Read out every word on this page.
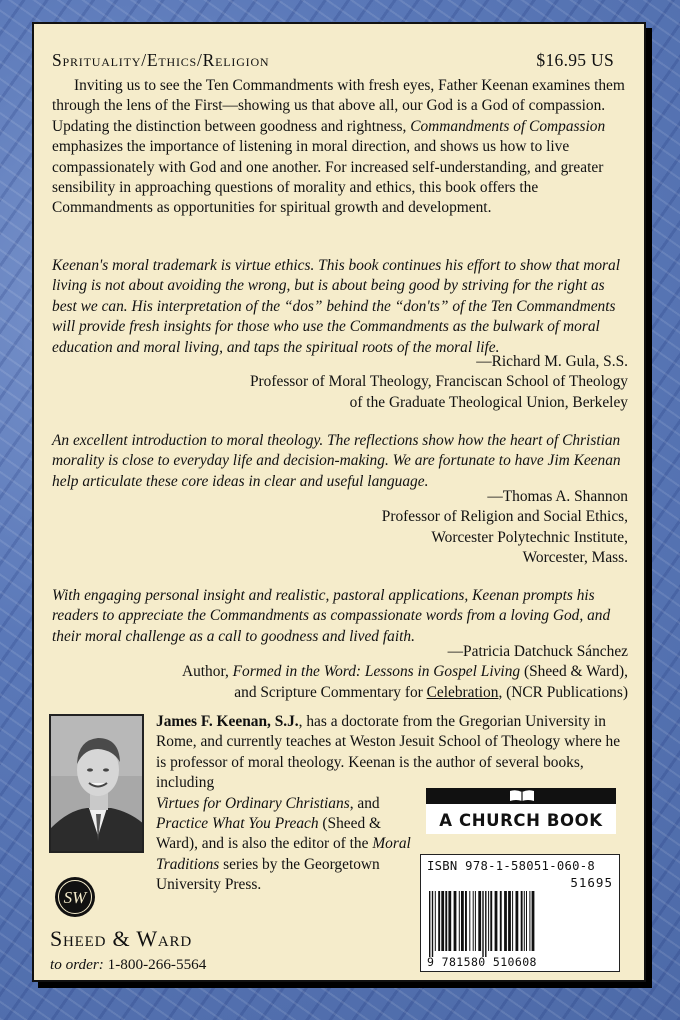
Sprituality/Ethics/Religion	$16.95 US

Inviting us to see the Ten Commandments with fresh eyes, Father Keenan examines them through the lens of the First—showing us that above all, our God is a God of compassion. Updating the distinction between goodness and rightness, Commandments of Compassion emphasizes the importance of listening in moral direction, and shows us how to live compassionately with God and one another. For increased self-understanding, and greater sensibility in approaching questions of morality and ethics, this book offers the Commandments as opportunities for spiritual growth and development.

Keenan's moral trademark is virtue ethics. This book continues his effort to show that moral living is not about avoiding the wrong, but is about being good by striving for the right as best we can. His interpretation of the “dos” behind the “don'ts” of the Ten Commandments will provide fresh insights for those who use the Commandments as the bulwark of moral education and moral living, and taps the spiritual roots of the moral life.

—Richard M. Gula, S.S.
Professor of Moral Theology, Franciscan School of Theology
of the Graduate Theological Union, Berkeley

An excellent introduction to moral theology. The reflections show how the heart of Christian morality is close to everyday life and decision-making. We are fortunate to have Jim Keenan help articulate these core ideas in clear and useful language.

—Thomas A. Shannon
Professor of Religion and Social Ethics,
Worcester Polytechnic Institute,
Worcester, Mass.

With engaging personal insight and realistic, pastoral applications, Keenan prompts his readers to appreciate the Commandments as compassionate words from a loving God, and their moral challenge as a call to goodness and lived faith.

—Patricia Datchuck Sánchez
Author, Formed in the Word: Lessons in Gospel Living (Sheed & Ward),
and Scripture Commentary for Celebration, (NCR Publications)

James F. Keenan, S.J., has a doctorate from the Gregorian University in Rome, and currently teaches at Weston Jesuit School of Theology where he is professor of moral theology. Keenan is the author of several books, including
Virtues for Ordinary Christians, and Practice What You Preach (Sheed & Ward), and is also the editor of the Moral Traditions series by the Georgetown University Press.

A CHURCH BOOK
SW
Sheed & Ward
to order: 1-800-266-5564
ISBN 978-1-58051-060-8
51695
9 781580 510608
